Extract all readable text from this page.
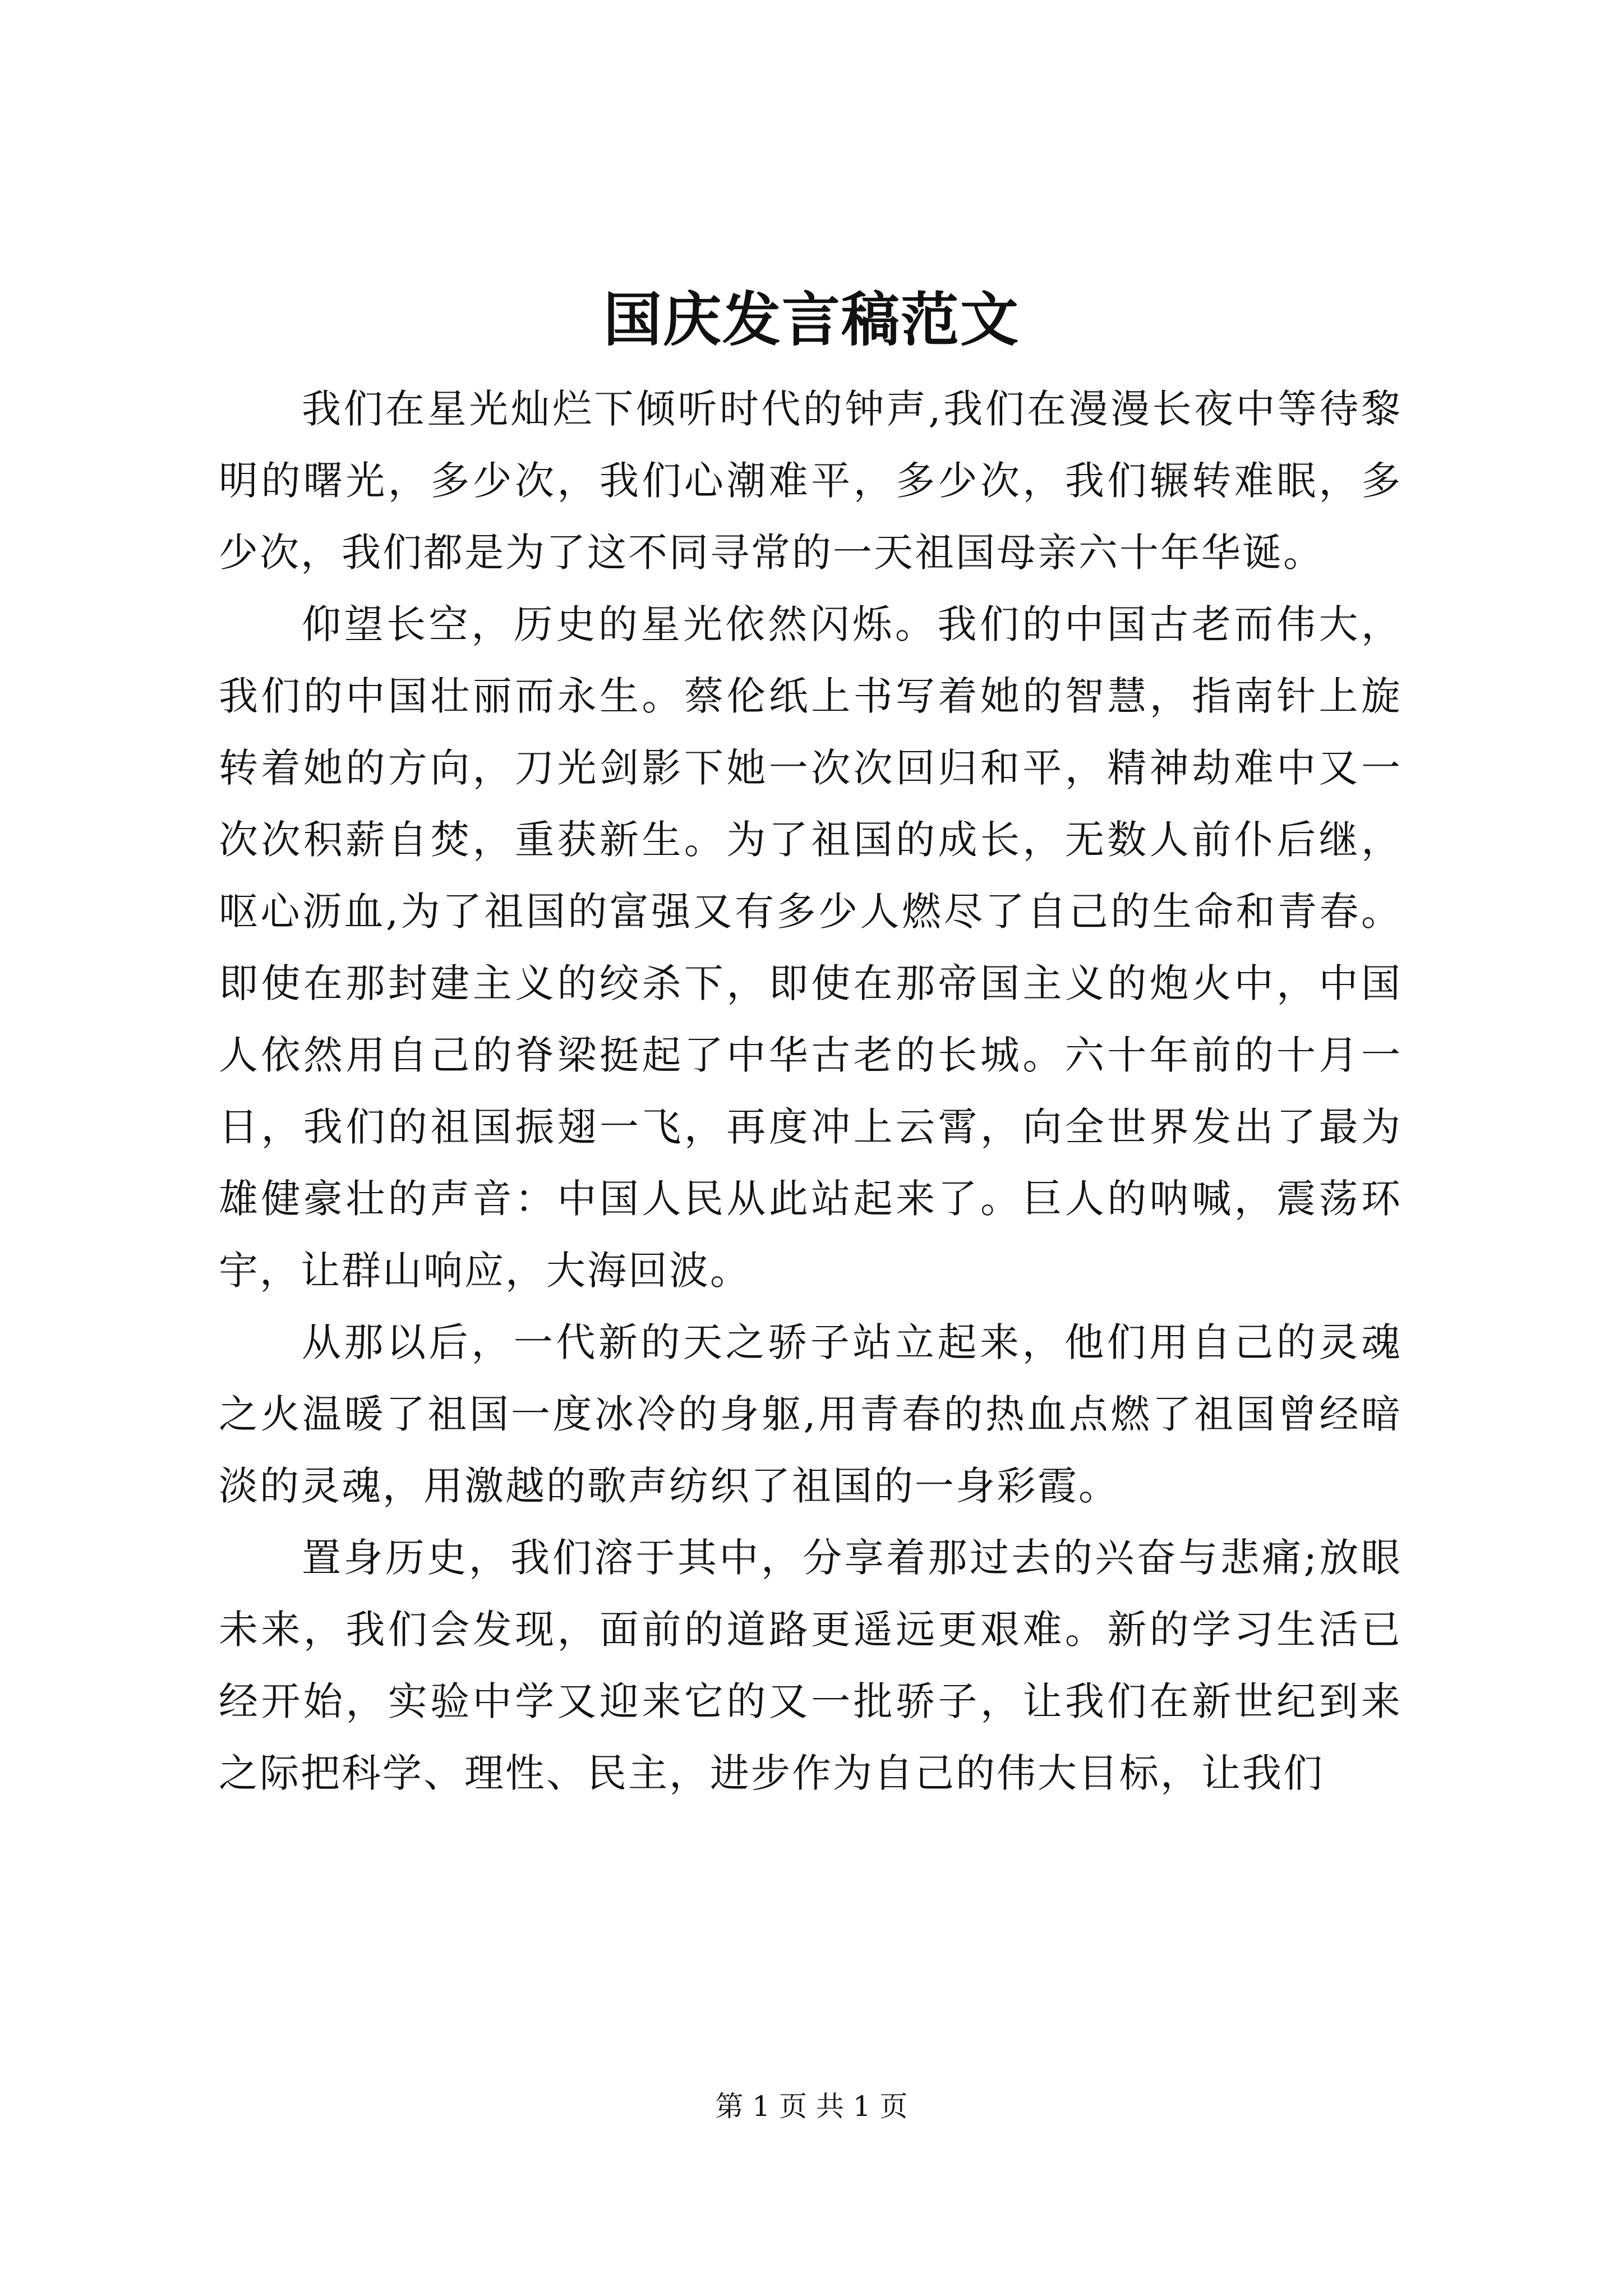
国庆发言稿范文

我们在星光灿烂下倾听时代的钟声,我们在漫漫长夜中等待黎明的曙光，多少次，我们心潮难平，多少次，我们辗转难眠，多少次，我们都是为了这不同寻常的一天祖国母亲六十年华诞。

仰望长空，历史的星光依然闪烁。我们的中国古老而伟大，我们的中国壮丽而永生。蔡伦纸上书写着她的智慧，指南针上旋转着她的方向，刀光剑影下她一次次回归和平，精神劫难中又一次次积薪自焚，重获新生。为了祖国的成长，无数人前仆后继，呕心沥血,为了祖国的富强又有多少人燃尽了自己的生命和青春。即使在那封建主义的绞杀下，即使在那帝国主义的炮火中，中国人依然用自己的脊梁挺起了中华古老的长城。六十年前的十月一日，我们的祖国振翅一飞，再度冲上云霄，向全世界发出了最为雄健豪壮的声音：中国人民从此站起来了。巨人的呐喊，震荡环宇，让群山响应，大海回波。

从那以后，一代新的天之骄子站立起来，他们用自己的灵魂之火温暖了祖国一度冰冷的身躯,用青春的热血点燃了祖国曾经暗淡的灵魂，用激越的歌声纺织了祖国的一身彩霞。

置身历史，我们溶于其中，分享着那过去的兴奋与悲痛;放眼未来，我们会发现，面前的道路更遥远更艰难。新的学习生活已经开始，实验中学又迎来它的又一批骄子，让我们在新世纪到来之际把科学、理性、民主，进步作为自己的伟大目标，让我们

第 1 页 共 1 页
